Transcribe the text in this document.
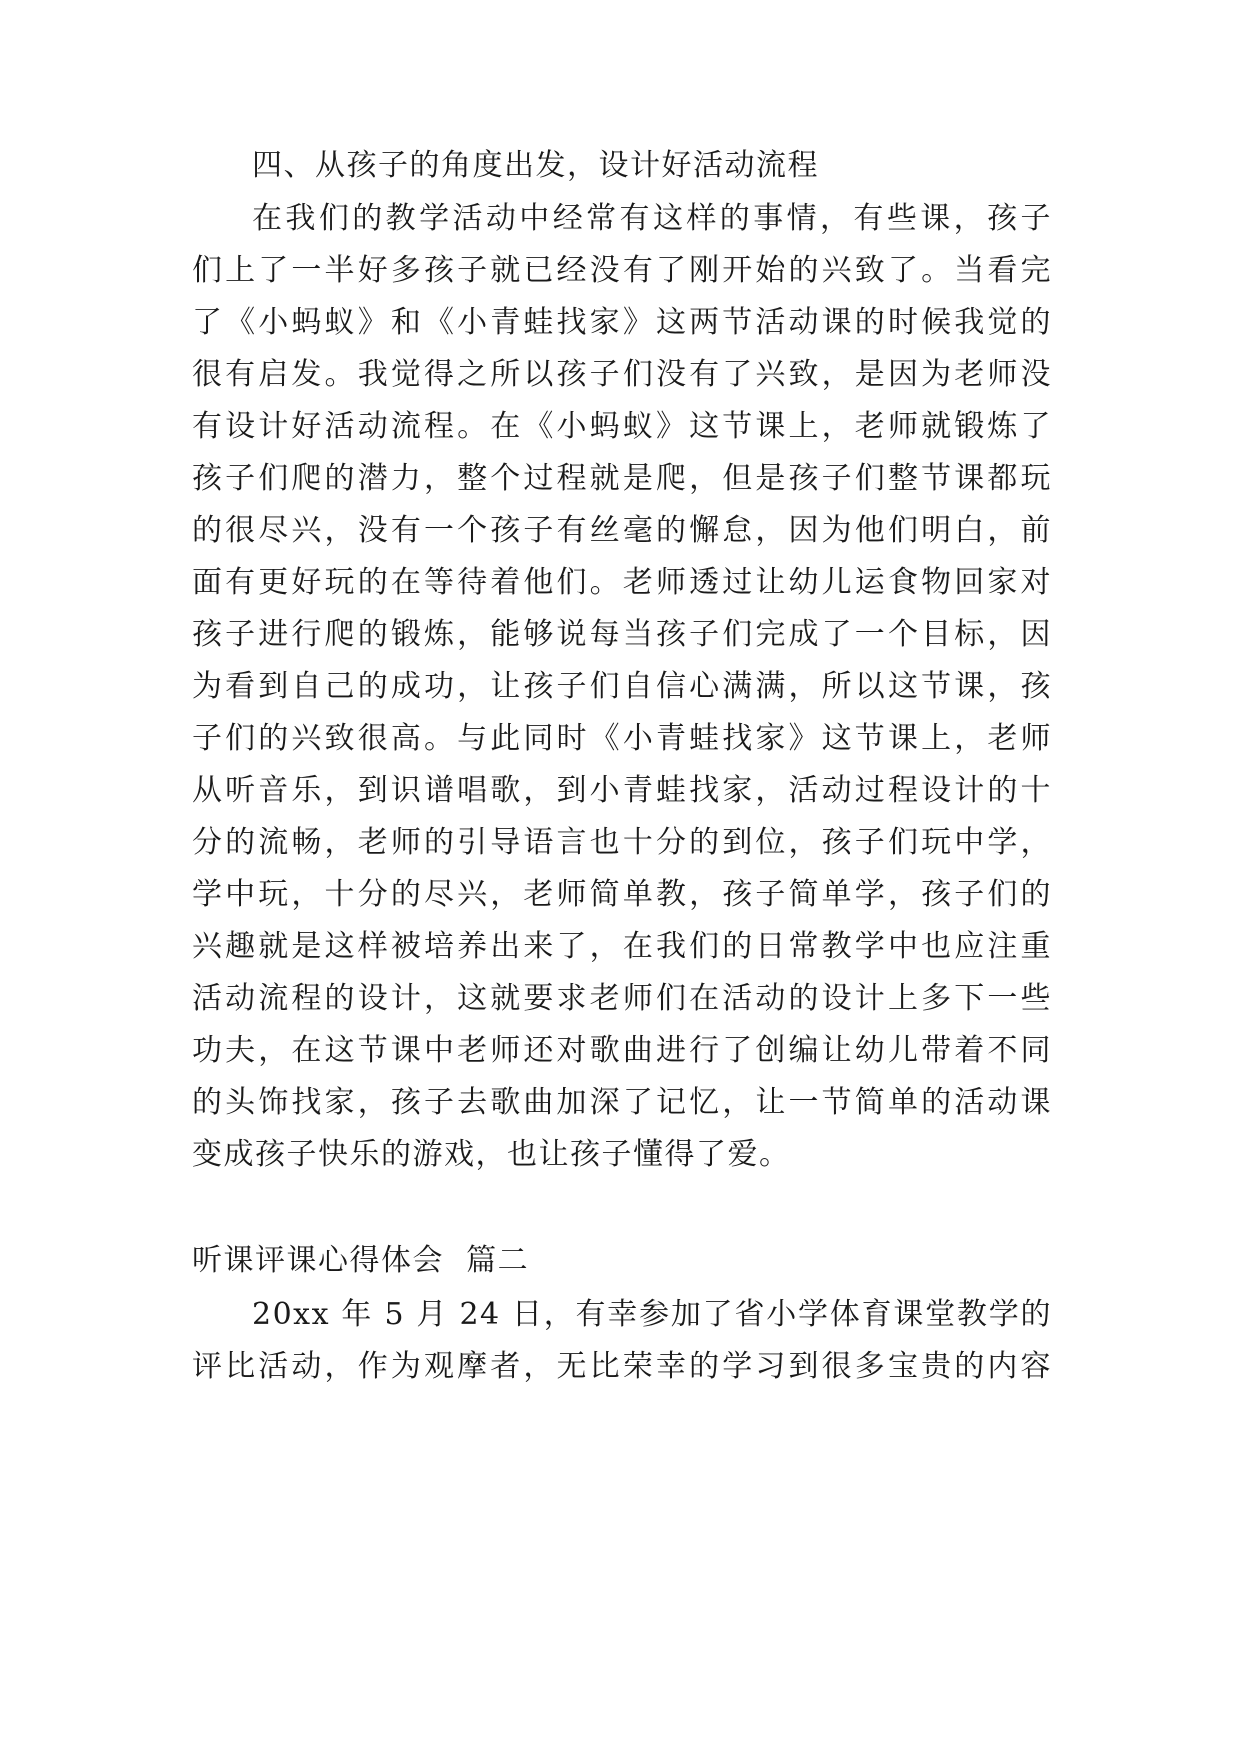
四、从孩子的角度出发，设计好活动流程
在我们的教学活动中经常有这样的事情，有些课，孩子
们上了一半好多孩子就已经没有了刚开始的兴致了。当看完
了《小蚂蚁》和《小青蛙找家》这两节活动课的时候我觉的
很有启发。我觉得之所以孩子们没有了兴致，是因为老师没
有设计好活动流程。在《小蚂蚁》这节课上，老师就锻炼了
孩子们爬的潜力，整个过程就是爬，但是孩子们整节课都玩
的很尽兴，没有一个孩子有丝毫的懈怠，因为他们明白，前
面有更好玩的在等待着他们。老师透过让幼儿运食物回家对
孩子进行爬的锻炼，能够说每当孩子们完成了一个目标，因
为看到自己的成功，让孩子们自信心满满，所以这节课，孩
子们的兴致很高。与此同时《小青蛙找家》这节课上，老师
从听音乐，到识谱唱歌，到小青蛙找家，活动过程设计的十
分的流畅，老师的引导语言也十分的到位，孩子们玩中学，
学中玩，十分的尽兴，老师简单教，孩子简单学，孩子们的
兴趣就是这样被培养出来了，在我们的日常教学中也应注重
活动流程的设计，这就要求老师们在活动的设计上多下一些
功夫，在这节课中老师还对歌曲进行了创编让幼儿带着不同
的头饰找家，孩子去歌曲加深了记忆，让一节简单的活动课
变成孩子快乐的游戏，也让孩子懂得了爱。
听课评课心得体会  篇二
20xx 年 5 月 24 日，有幸参加了省小学体育课堂教学的
评比活动，作为观摩者，无比荣幸的学习到很多宝贵的内容
